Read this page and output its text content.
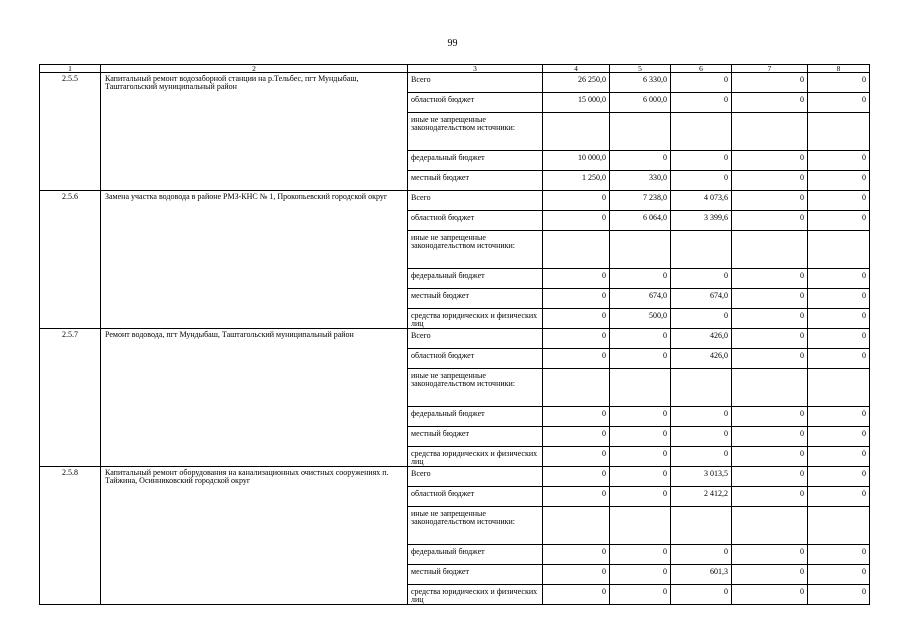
99
1	2	3	4	5	6	7	8
2.5.5	Капитальный ремонт водозаборной станции на р.Тельбес, пгт Мундыбаш, Таштагольский муниципальный район	Всего	26 250,0	6 330,0	0	0	0
		областной бюджет	15 000,0	6 000,0	0	0	0
		иные не запрещенные законодательством источники:					
		федеральный бюджет	10 000,0	0	0	0	0
		местный бюджет	1 250,0	330,0	0	0	0
2.5.6	Замена участка водовода в районе РМЗ-КНС № 1, Прокопьевский городской округ	Всего	0	7 238,0	4 073,6	0	0
		областной бюджет	0	6 064,0	3 399,6	0	0
		иные не запрещенные законодательством источники:					
		федеральный бюджет	0	0	0	0	0
		местный бюджет	0	674,0	674,0	0	0
		средства юридических и физических лиц	0	500,0	0	0	0
2.5.7	Ремонт водовода, пгт Мундыбаш, Таштагольский муниципальный район	Всего	0	0	426,0	0	0
		областной бюджет	0	0	426,0	0	0
		иные не запрещенные законодательством источники:					
		федеральный бюджет	0	0	0	0	0
		местный бюджет	0	0	0	0	0
		средства юридических и физических лиц	0	0	0	0	0
2.5.8	Капитальный ремонт оборудования на канализационных очистных сооружениях п. Тайжина, Осинниковский городской округ	Всего	0	0	3 013,5	0	0
		областной бюджет	0	0	2 412,2	0	0
		иные не запрещенные законодательством источники:					
		федеральный бюджет	0	0	0	0	0
		местный бюджет	0	0	601,3	0	0
		средства юридических и физических лиц	0	0	0	0	0
